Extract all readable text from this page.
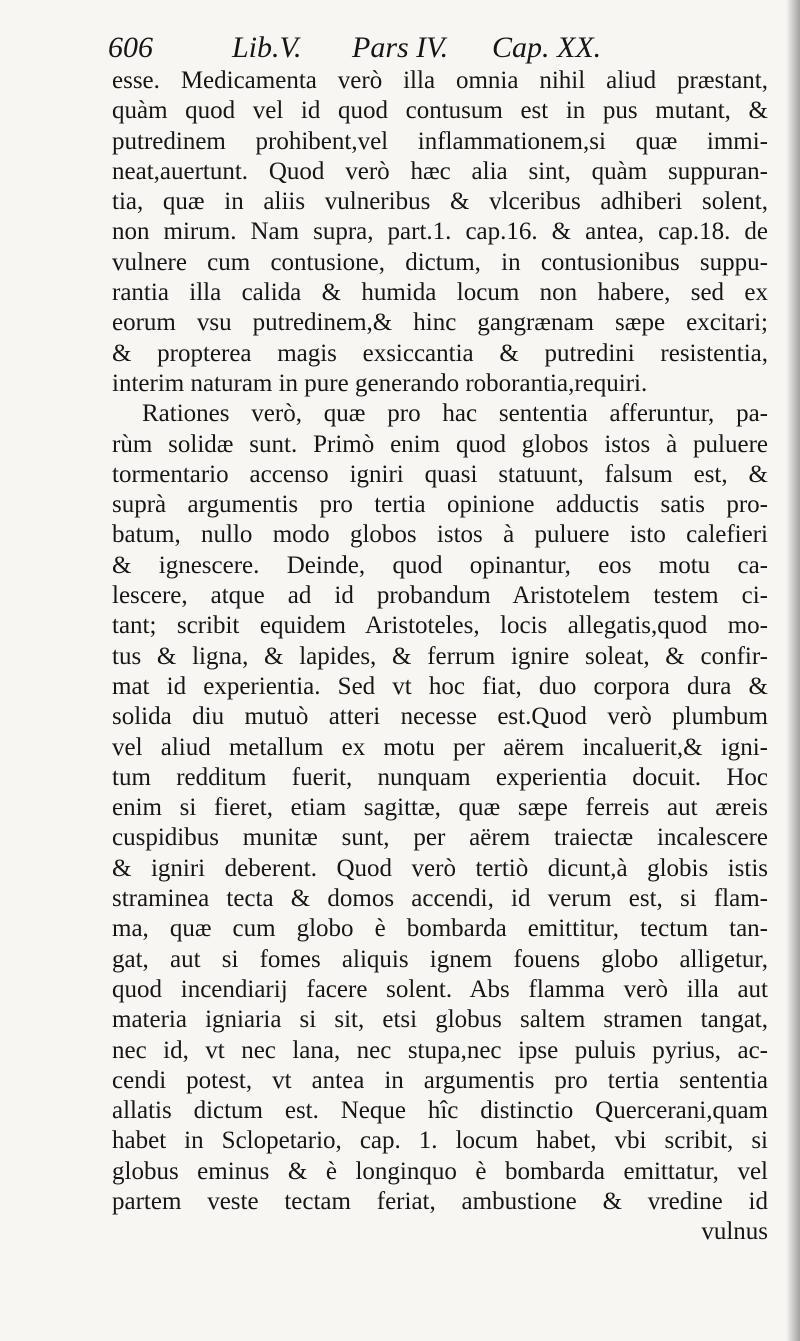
606	Lib.V. Pars IV. Cap. XX.
esse. Medicamenta verò illa omnia nihil aliud præstant,
quàm quod vel id quod contusum est in pus mutant, &
putredinem prohibent,vel inflammationem,si quæ immi-
neat,auertunt. Quod verò hæc alia sint, quàm suppuran-
tia, quæ in aliis vulneribus & vlceribus adhiberi solent,
non mirum. Nam supra, part.1. cap.16. & antea, cap.18. de
vulnere cum contusione, dictum, in contusionibus suppu-
rantia illa calida & humida locum non habere, sed ex
eorum vsu putredinem,& hinc gangrænam sæpe excitari;
& propterea magis exsiccantia & putredini resistentia,
interim naturam in pure generando roborantia,requiri.
Rationes verò, quæ pro hac sententia afferuntur, pa-
rùm solidæ sunt. Primò enim quod globos istos à puluere
tormentario accenso igniri quasi statuunt, falsum est, &
suprà argumentis pro tertia opinione adductis satis pro-
batum, nullo modo globos istos à puluere isto calefieri
& ignescere. Deinde, quod opinantur, eos motu ca-
lescere, atque ad id probandum Aristotelem testem ci-
tant; scribit equidem Aristoteles, locis allegatis,quod mo-
tus & ligna, & lapides, & ferrum ignire soleat, & confir-
mat id experientia. Sed vt hoc fiat, duo corpora dura &
solida diu mutuò atteri necesse est.Quod verò plumbum
vel aliud metallum ex motu per aërem incaluerit,& igni-
tum redditum fuerit, nunquam experientia docuit. Hoc
enim si fieret, etiam sagittæ, quæ sæpe ferreis aut æreis
cuspidibus munitæ sunt, per aërem traiectæ incalescere
& igniri deberent. Quod verò tertiò dicunt,à globis istis
straminea tecta & domos accendi, id verum est, si flam-
ma, quæ cum globo è bombarda emittitur, tectum tan-
gat, aut si fomes aliquis ignem fouens globo alligetur,
quod incendiarij facere solent. Abs flamma verò illa aut
materia igniaria si sit, etsi globus saltem stramen tangat,
nec id, vt nec lana, nec stupa,nec ipse puluis pyrius, ac-
cendi potest, vt antea in argumentis pro tertia sententia
allatis dictum est. Neque hîc distinctio Quercerani,quam
habet in Sclopetario, cap. 1. locum habet, vbi scribit, si
globus eminus & è longinquo è bombarda emittatur, vel
partem veste tectam feriat, ambustione & vredine id
vulnus
